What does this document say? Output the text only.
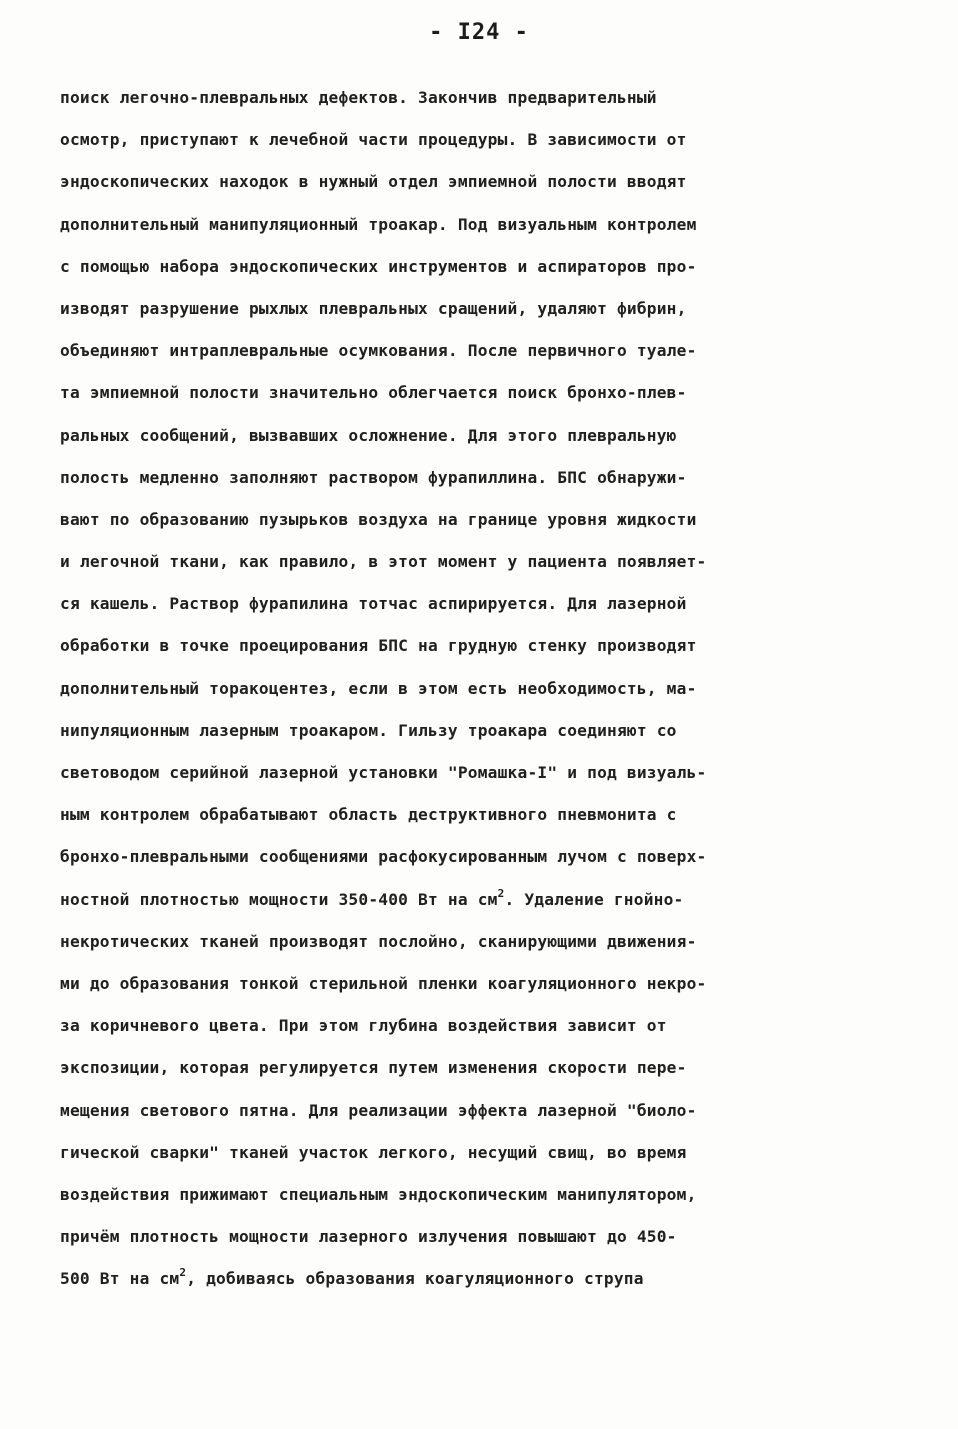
- I24 -
поиск легочно-плевральных дефектов. Закончив предварительный
осмотр, приступают к лечебной части процедуры. В зависимости от
эндоскопических находок в нужный отдел эмпиемной полости вводят
дополнительный манипуляционный троакар. Под визуальным контролем
с помощью набора эндоскопических инструментов и аспираторов про-
изводят разрушение рыхлых плевральных сращений, удаляют фибрин,
объединяют интраплевральные осумкования. После первичного туале-
та эмпиемной полости значительно облегчается поиск бронхо-плев-
ральных сообщений, вызвавших осложнение. Для этого плевральную
полость медленно заполняют раствором фурапиллина. БПС обнаружи-
вают по образованию пузырьков воздуха на границе уровня жидкости
и легочной ткани, как правило, в этот момент у пациента появляет-
ся кашель. Раствор фурапилина тотчас аспирируется. Для лазерной
обработки в точке проецирования БПС на грудную стенку производят
дополнительный торакоцентез, если в этом есть необходимость, ма-
нипуляционным лазерным троакаром. Гильзу троакара соединяют со
световодом серийной лазерной установки "Ромашка-I" и под визуаль-
ным контролем обрабатывают область деструктивного пневмонита с
бронхо-плевральными сообщениями расфокусированным лучом с поверх-
ностной плотностью мощности 350-400 Вт на $см^2$. Удаление гнойно-
некротических тканей производят послойно, сканирующими движения-
ми до образования тонкой стерильной пленки коагуляционного некро-
за коричневого цвета. При этом глубина воздействия зависит от
экспозиции, которая регулируется путем изменения скорости пере-
мещения светового пятна. Для реализации эффекта лазерной "биоло-
гической сварки" тканей участок легкого, несущий свищ, во время
воздействия прижимают специальным эндоскопическим манипулятором,
причём плотность мощности лазерного излучения повышают до 450-
500 Вт на $см^2$, добиваясь образования коагуляционного струпа
